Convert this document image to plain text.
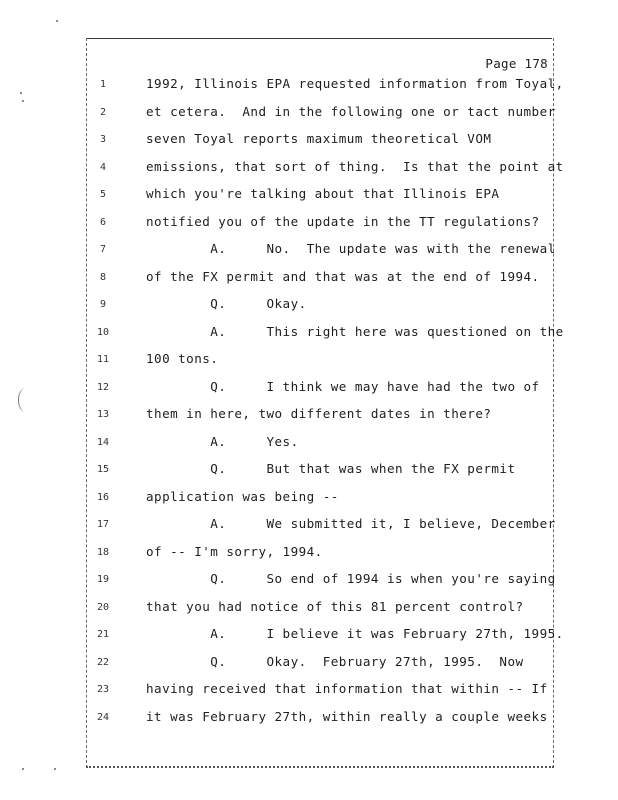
Page 178
1	1992, Illinois EPA requested information from Toyal,
2	et cetera.  And in the following one or tact number
3	seven Toyal reports maximum theoretical VOM
4	emissions, that sort of thing.  Is that the point at
5	which you're talking about that Illinois EPA
6	notified you of the update in the TT regulations?
7	A.     No.  The update was with the renewal
8	of the FX permit and that was at the end of 1994.
9	Q.     Okay.
10	A.     This right here was questioned on the
11	100 tons.
12	Q.     I think we may have had the two of
13	them in here, two different dates in there?
14	A.     Yes.
15	Q.     But that was when the FX permit
16	application was being --
17	A.     We submitted it, I believe, December
18	of -- I'm sorry, 1994.
19	Q.     So end of 1994 is when you're saying
20	that you had notice of this 81 percent control?
21	A.     I believe it was February 27th, 1995.
22	Q.     Okay.  February 27th, 1995.  Now
23	having received that information that within -- If
24	it was February 27th, within really a couple weeks
